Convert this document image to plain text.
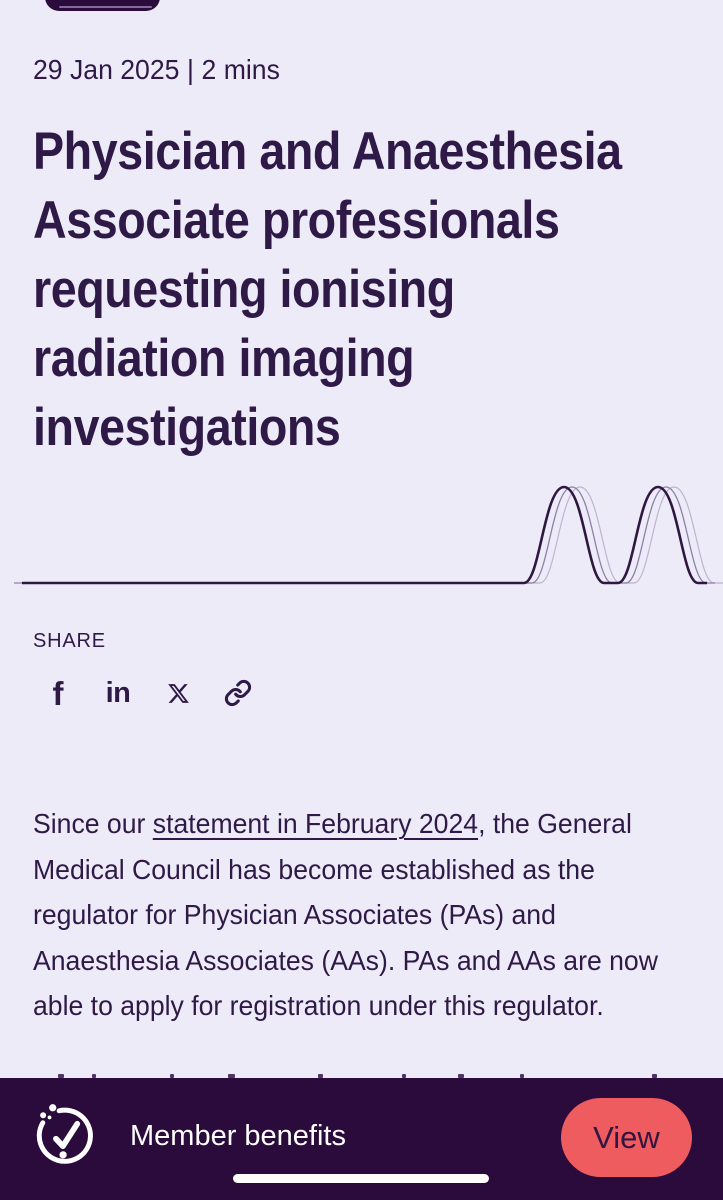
29 Jan 2025 | 2 mins
Physician and Anaesthesia
Associate professionals
requesting ionising
radiation imaging
investigations
SHARE
f in
Since our statement in February 2024, the General
Medical Council has become established as the
regulator for Physician Associates (PAs) and
Anaesthesia Associates (AAs). PAs and AAs are now
able to apply for registration under this regulator.
Member benefits	View
